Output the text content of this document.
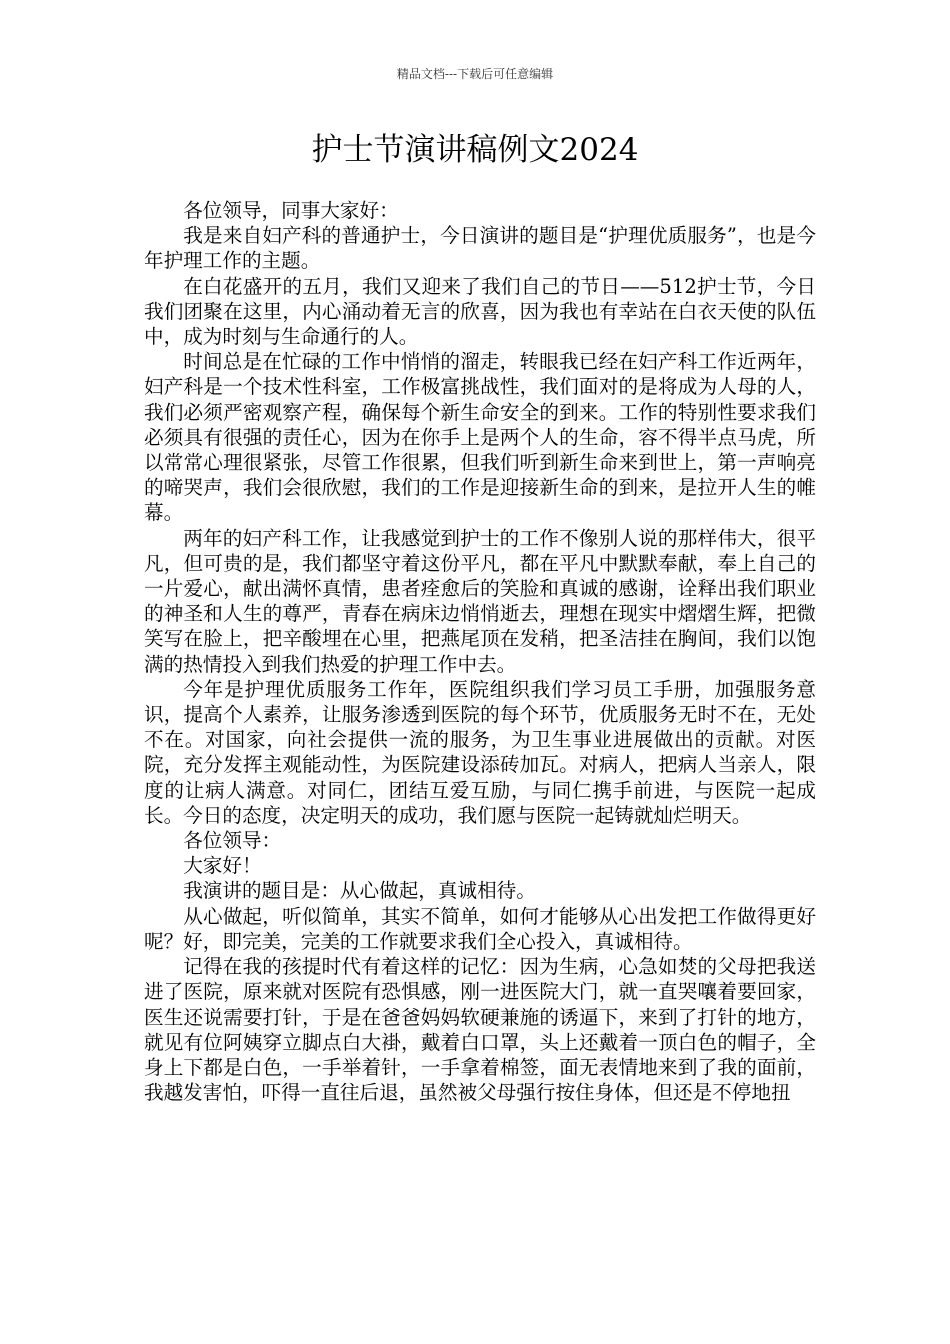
精品文档---下载后可任意编辑
护士节演讲稿例文2024

各位领导，同事大家好：

我是来自妇产科的普通护士，今日演讲的题目是“护理优质服务”，也是今年护理工作的主题。

在白花盛开的五月，我们又迎来了我们自己的节日——512护士节，今日我们团聚在这里，内心涌动着无言的欣喜，因为我也有幸站在白衣天使的队伍中，成为时刻与生命通行的人。

时间总是在忙碌的工作中悄悄的溜走，转眼我已经在妇产科工作近两年，妇产科是一个技术性科室，工作极富挑战性，我们面对的是将成为人母的人，我们必须严密观察产程，确保每个新生命安全的到来。工作的特别性要求我们必须具有很强的责任心，因为在你手上是两个人的生命，容不得半点马虎，所以常常心理很紧张，尽管工作很累，但我们听到新生命来到世上，第一声响亮的啼哭声，我们会很欣慰，我们的工作是迎接新生命的到来，是拉开人生的帷幕。

两年的妇产科工作，让我感觉到护士的工作不像别人说的那样伟大，很平凡，但可贵的是，我们都坚守着这份平凡，都在平凡中默默奉献，奉上自己的一片爱心，献出满怀真情，患者痊愈后的笑脸和真诚的感谢，诠释出我们职业的神圣和人生的尊严，青春在病床边悄悄逝去，理想在现实中熠熠生辉，把微笑写在脸上，把辛酸埋在心里，把燕尾顶在发稍，把圣洁挂在胸间，我们以饱满的热情投入到我们热爱的护理工作中去。

今年是护理优质服务工作年，医院组织我们学习员工手册，加强服务意识，提高个人素养，让服务渗透到医院的每个环节，优质服务无时不在，无处不在。对国家，向社会提供一流的服务，为卫生事业进展做出的贡献。对医院，充分发挥主观能动性，为医院建设添砖加瓦。对病人，把病人当亲人，限度的让病人满意。对同仁，团结互爱互励，与同仁携手前进，与医院一起成长。今日的态度，决定明天的成功，我们愿与医院一起铸就灿烂明天。

各位领导：

大家好！

我演讲的题目是：从心做起，真诚相待。

从心做起，听似简单，其实不简单，如何才能够从心出发把工作做得更好呢？好，即完美，完美的工作就要求我们全心投入，真诚相待。

记得在我的孩提时代有着这样的记忆：因为生病，心急如焚的父母把我送进了医院，原来就对医院有恐惧感，刚一进医院大门，就一直哭嚷着要回家，医生还说需要打针，于是在爸爸妈妈软硬兼施的诱逼下，来到了打针的地方，就见有位阿姨穿立脚点白大褂，戴着白口罩，头上还戴着一顶白色的帽子，全身上下都是白色，一手举着针，一手拿着棉签，面无表情地来到了我的面前，我越发害怕，吓得一直往后退，虽然被父母强行按住身体，但还是不停地扭
